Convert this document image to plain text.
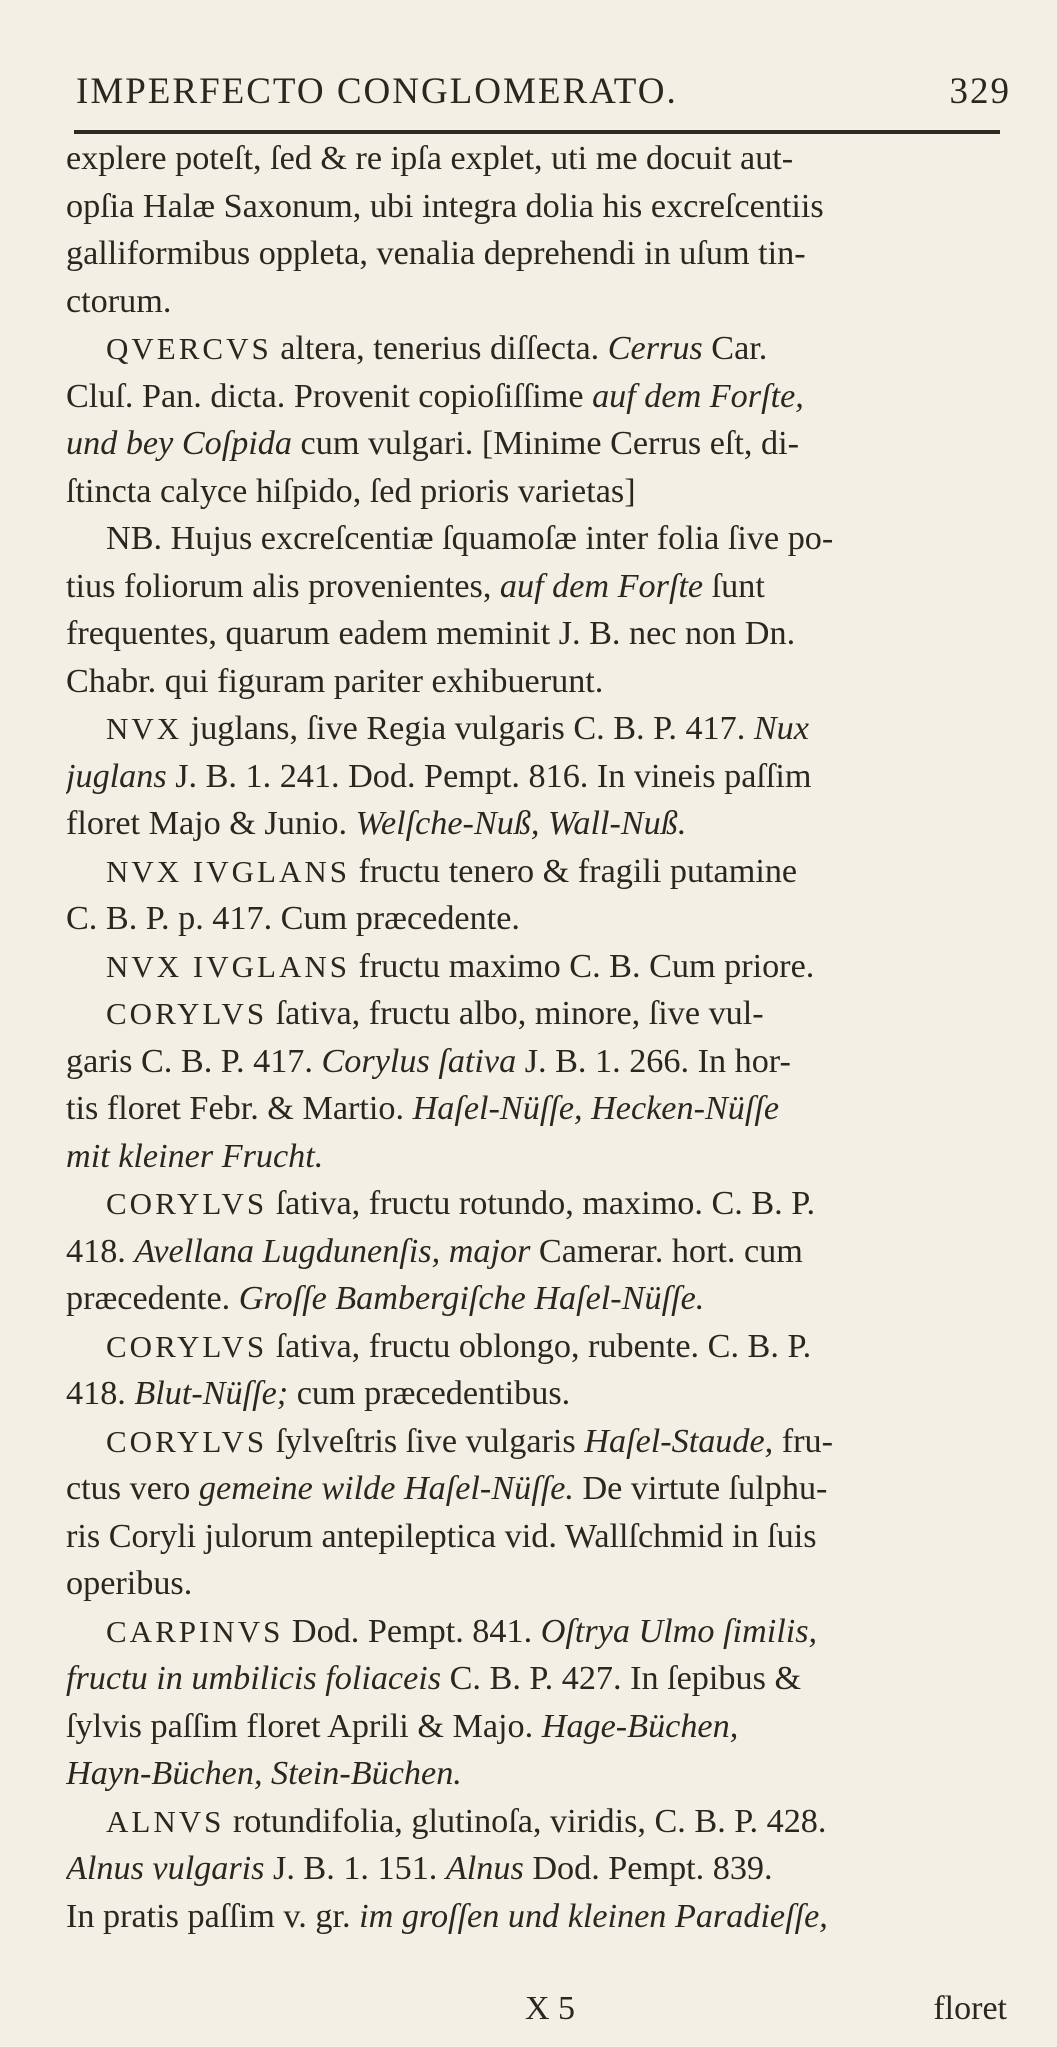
IMPERFECTO CONGLOMERATO.	329
explere poteſt, ſed & re ipſa explet, uti me docuit aut-
opſia Halæ Saxonum, ubi integra dolia his excreſcentiis
galliformibus oppleta, venalia deprehendi in uſum tin-
ctorum.
QVERCVS altera, tenerius diſſecta. Cerrus Car.
Cluſ. Pan. dicta. Provenit copioſiſſime auf dem Forſte,
und bey Coſpida cum vulgari. [Minime Cerrus eſt, di-
ſtincta calyce hiſpido, ſed prioris varietas]
NB. Hujus excreſcentiæ ſquamoſæ inter folia ſive po-
tius foliorum alis provenientes, auf dem Forſte ſunt
frequentes, quarum eadem meminit J. B. nec non Dn.
Chabr. qui figuram pariter exhibuerunt.
NVX juglans, ſive Regia vulgaris C. B. P. 417. Nux
juglans J. B. 1. 241. Dod. Pempt. 816. In vineis paſſim
floret Majo & Junio. Welſche-Nuß, Wall-Nuß.
NVX IVGLANS fructu tenero & fragili putamine
C. B. P. p. 417. Cum præcedente.
NVX IVGLANS fructu maximo C. B. Cum priore.
CORYLVS ſativa, fructu albo, minore, ſive vul-
garis C. B. P. 417. Corylus ſativa J. B. 1. 266. In hor-
tis floret Febr. & Martio. Haſel-Nüſſe, Hecken-Nüſſe
mit kleiner Frucht.
CORYLVS ſativa, fructu rotundo, maximo. C. B. P.
418. Avellana Lugdunenſis, major Camerar. hort. cum
præcedente. Groſſe Bambergiſche Haſel-Nüſſe.
CORYLVS ſativa, fructu oblongo, rubente. C. B. P.
418. Blut-Nüſſe; cum præcedentibus.
CORYLVS ſylveſtris ſive vulgaris Haſel-Staude, fru-
ctus vero gemeine wilde Haſel-Nüſſe. De virtute ſulphu-
ris Coryli julorum antepileptica vid. Wallſchmid in ſuis
operibus.
CARPINVS Dod. Pempt. 841. Oſtrya Ulmo ſimilis,
fructu in umbilicis foliaceis C. B. P. 427. In ſepibus &
ſylvis paſſim floret Aprili & Majo. Hage-Büchen,
Hayn-Büchen, Stein-Büchen.
ALNVS rotundifolia, glutinoſa, viridis, C. B. P. 428.
Alnus vulgaris J. B. 1. 151. Alnus Dod. Pempt. 839.
In pratis paſſim v. gr. im groſſen und kleinen Paradieſſe,
X 5	floret
